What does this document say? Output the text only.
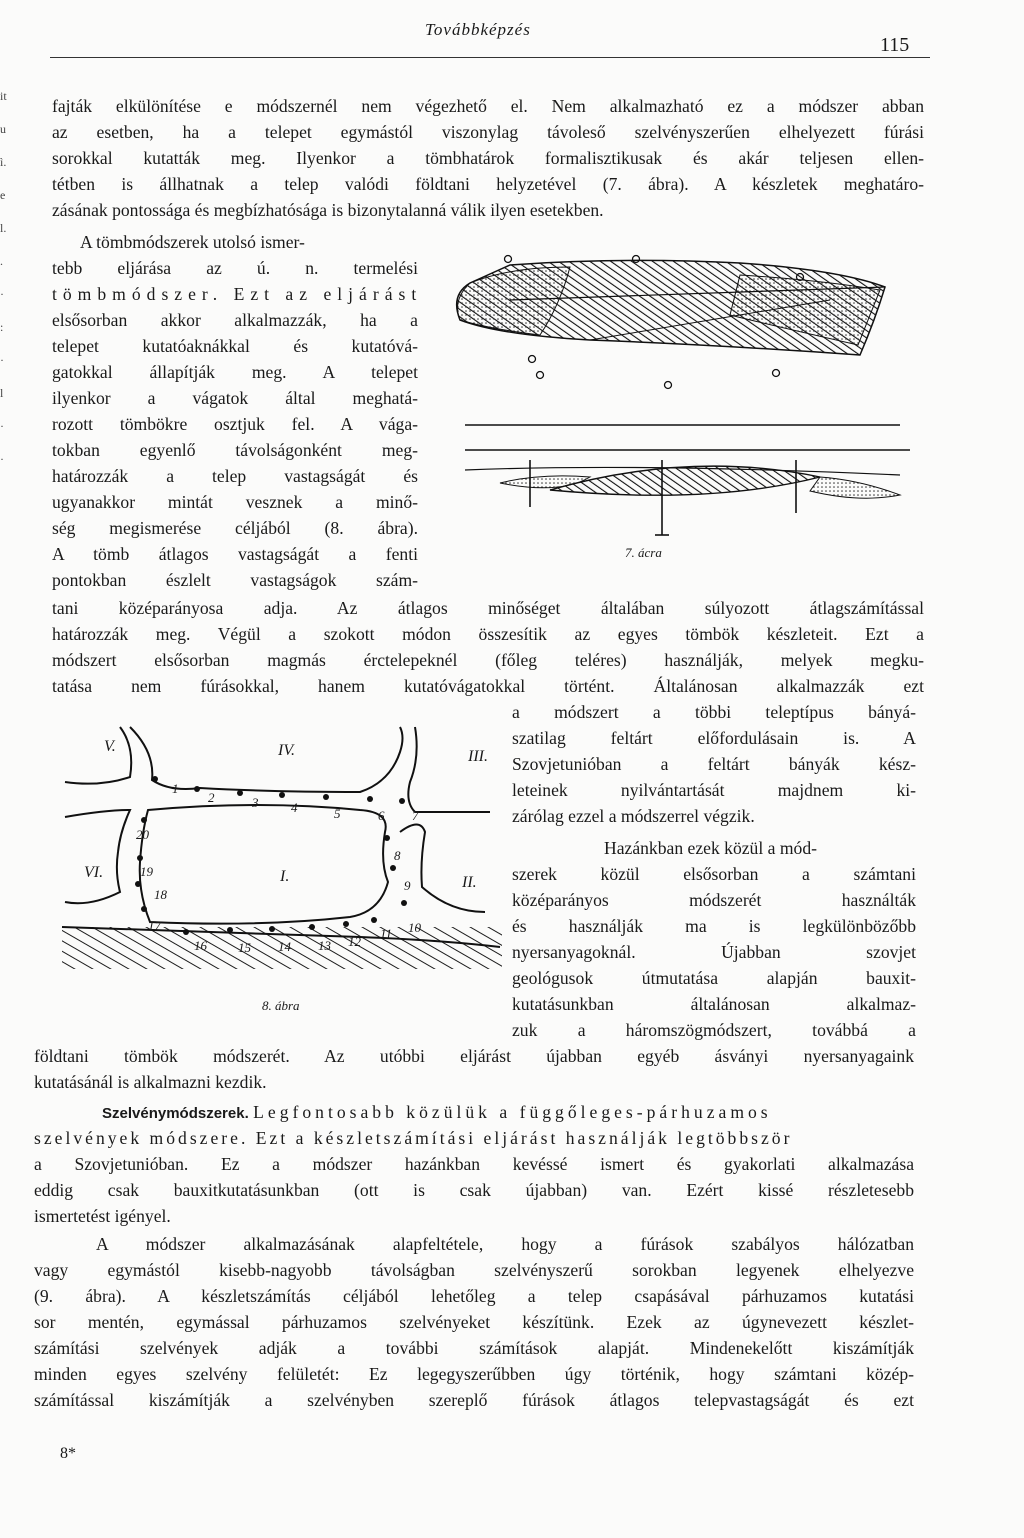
Továbbképzés
115
it
u
ì.
e
l.
.
·
:
·
l
·
·
fajták elkülönítése e módszernél nem végezhető el. Nem alkalmazható ez a módszer abban
az esetben, ha a telepet egymástól viszonylag távoleső szelvényszerűen elhelyezett fúrási
sorokkal kutatták meg. Ilyenkor a tömbhatárok formalisztikusak és akár teljesen ellen-
tétben is állhatnak a telep valódi földtani helyzetével (7. ábra). A készletek meghatáro-
zásának pontossága és megbízhatósága is bizonytalanná válik ilyen esetekben.
A tömbmódszerek utolsó ismer-
tebb eljárása az ú. n. termelési
tömbmódszer. Ezt az eljárást
elsősorban akkor alkalmazzák, ha a
telepet kutatóaknákkal és kutatóvá-
gatokkal állapítják meg. A telepet
ilyenkor a vágatok által meghatá-
rozott tömbökre osztjuk fel. A vága-
tokban egyenlő távolságonként meg-
határozzák a telep vastagságát és
ugyanakkor mintát vesznek a minő-
ség megismerése céljából (8. ábra).
A tömb átlagos vastagságát a fenti
pontokban észlelt vastagságok szám-
tani középarányosa adja. Az átlagos minőséget általában súlyozott átlagszámítással
határozzák meg. Végül a szokott módon összesítik az egyes tömbök készleteit. Ezt a
módszert elsősorban magmás érctelepeknél (főleg teléres) használják, melyek megku-
tatása nem fúrásokkal, hanem kutatóvágatokkal történt. Általánosan alkalmazzák ezt
a módszert a többi teleptípus bányá-
szatilag feltárt előfordulásain is. A
Szovjetunióban a feltárt bányák kész-
leteinek nyilvántartását majdnem ki-
zárólag ezzel a módszerrel végzik.
Hazánkban ezek közül a mód-
szerek közül elsősorban a számtani
középarányos módszerét használták
és használják ma is legkülönbözőbb
nyersanyagoknál. Újabban szovjet
geológusok útmutatása alapján bauxit-
kutatásunkban általánosan alkalmaz-
zuk a háromszögmódszert, továbbá a
földtani tömbök módszerét. Az utóbbi eljárást újabban egyéb ásványi nyersanyagaink
kutatásánál is alkalmazni kezdik.
Szelvénymódszerek. Legfontosabb közülük a függőleges-párhuzamos
szelvények módszere. Ezt a készletszámítási eljárást használják legtöbbször
a Szovjetunióban. Ez a módszer hazánkban kevéssé ismert és gyakorlati alkalmazása
eddig csak bauxitkutatásunkban (ott is csak újabban) van. Ezért kissé részletesebb
ismertetést igényel.
A módszer alkalmazásának alapfeltétele, hogy a fúrások szabályos hálózatban
vagy egymástól kisebb-nagyobb távolságban szelvényszerű sorokban legyenek elhelyezve
(9. ábra). A készletszámítás céljából lehetőleg a telep csapásával párhuzamos kutatási
sor mentén, egymással párhuzamos szelvényeket készítünk. Ezek az úgynevezett készlet-
számítási szelvények adják a további számítások alapját. Mindenekelőtt kiszámítják
minden egyes szelvény felületét: Ez legegyszerűbben úgy történik, hogy számtani közép-
számítással kiszámítják a szelvényben szereplő fúrások átlagos telepvastagságát és ezt
7. ácra
V.	IV.	III.
VI.	I.	II.
1
2	3	4	5	6 7
8
9
10
11
12
13
14
15
16
17
18
19
20
8. ábra
8*
